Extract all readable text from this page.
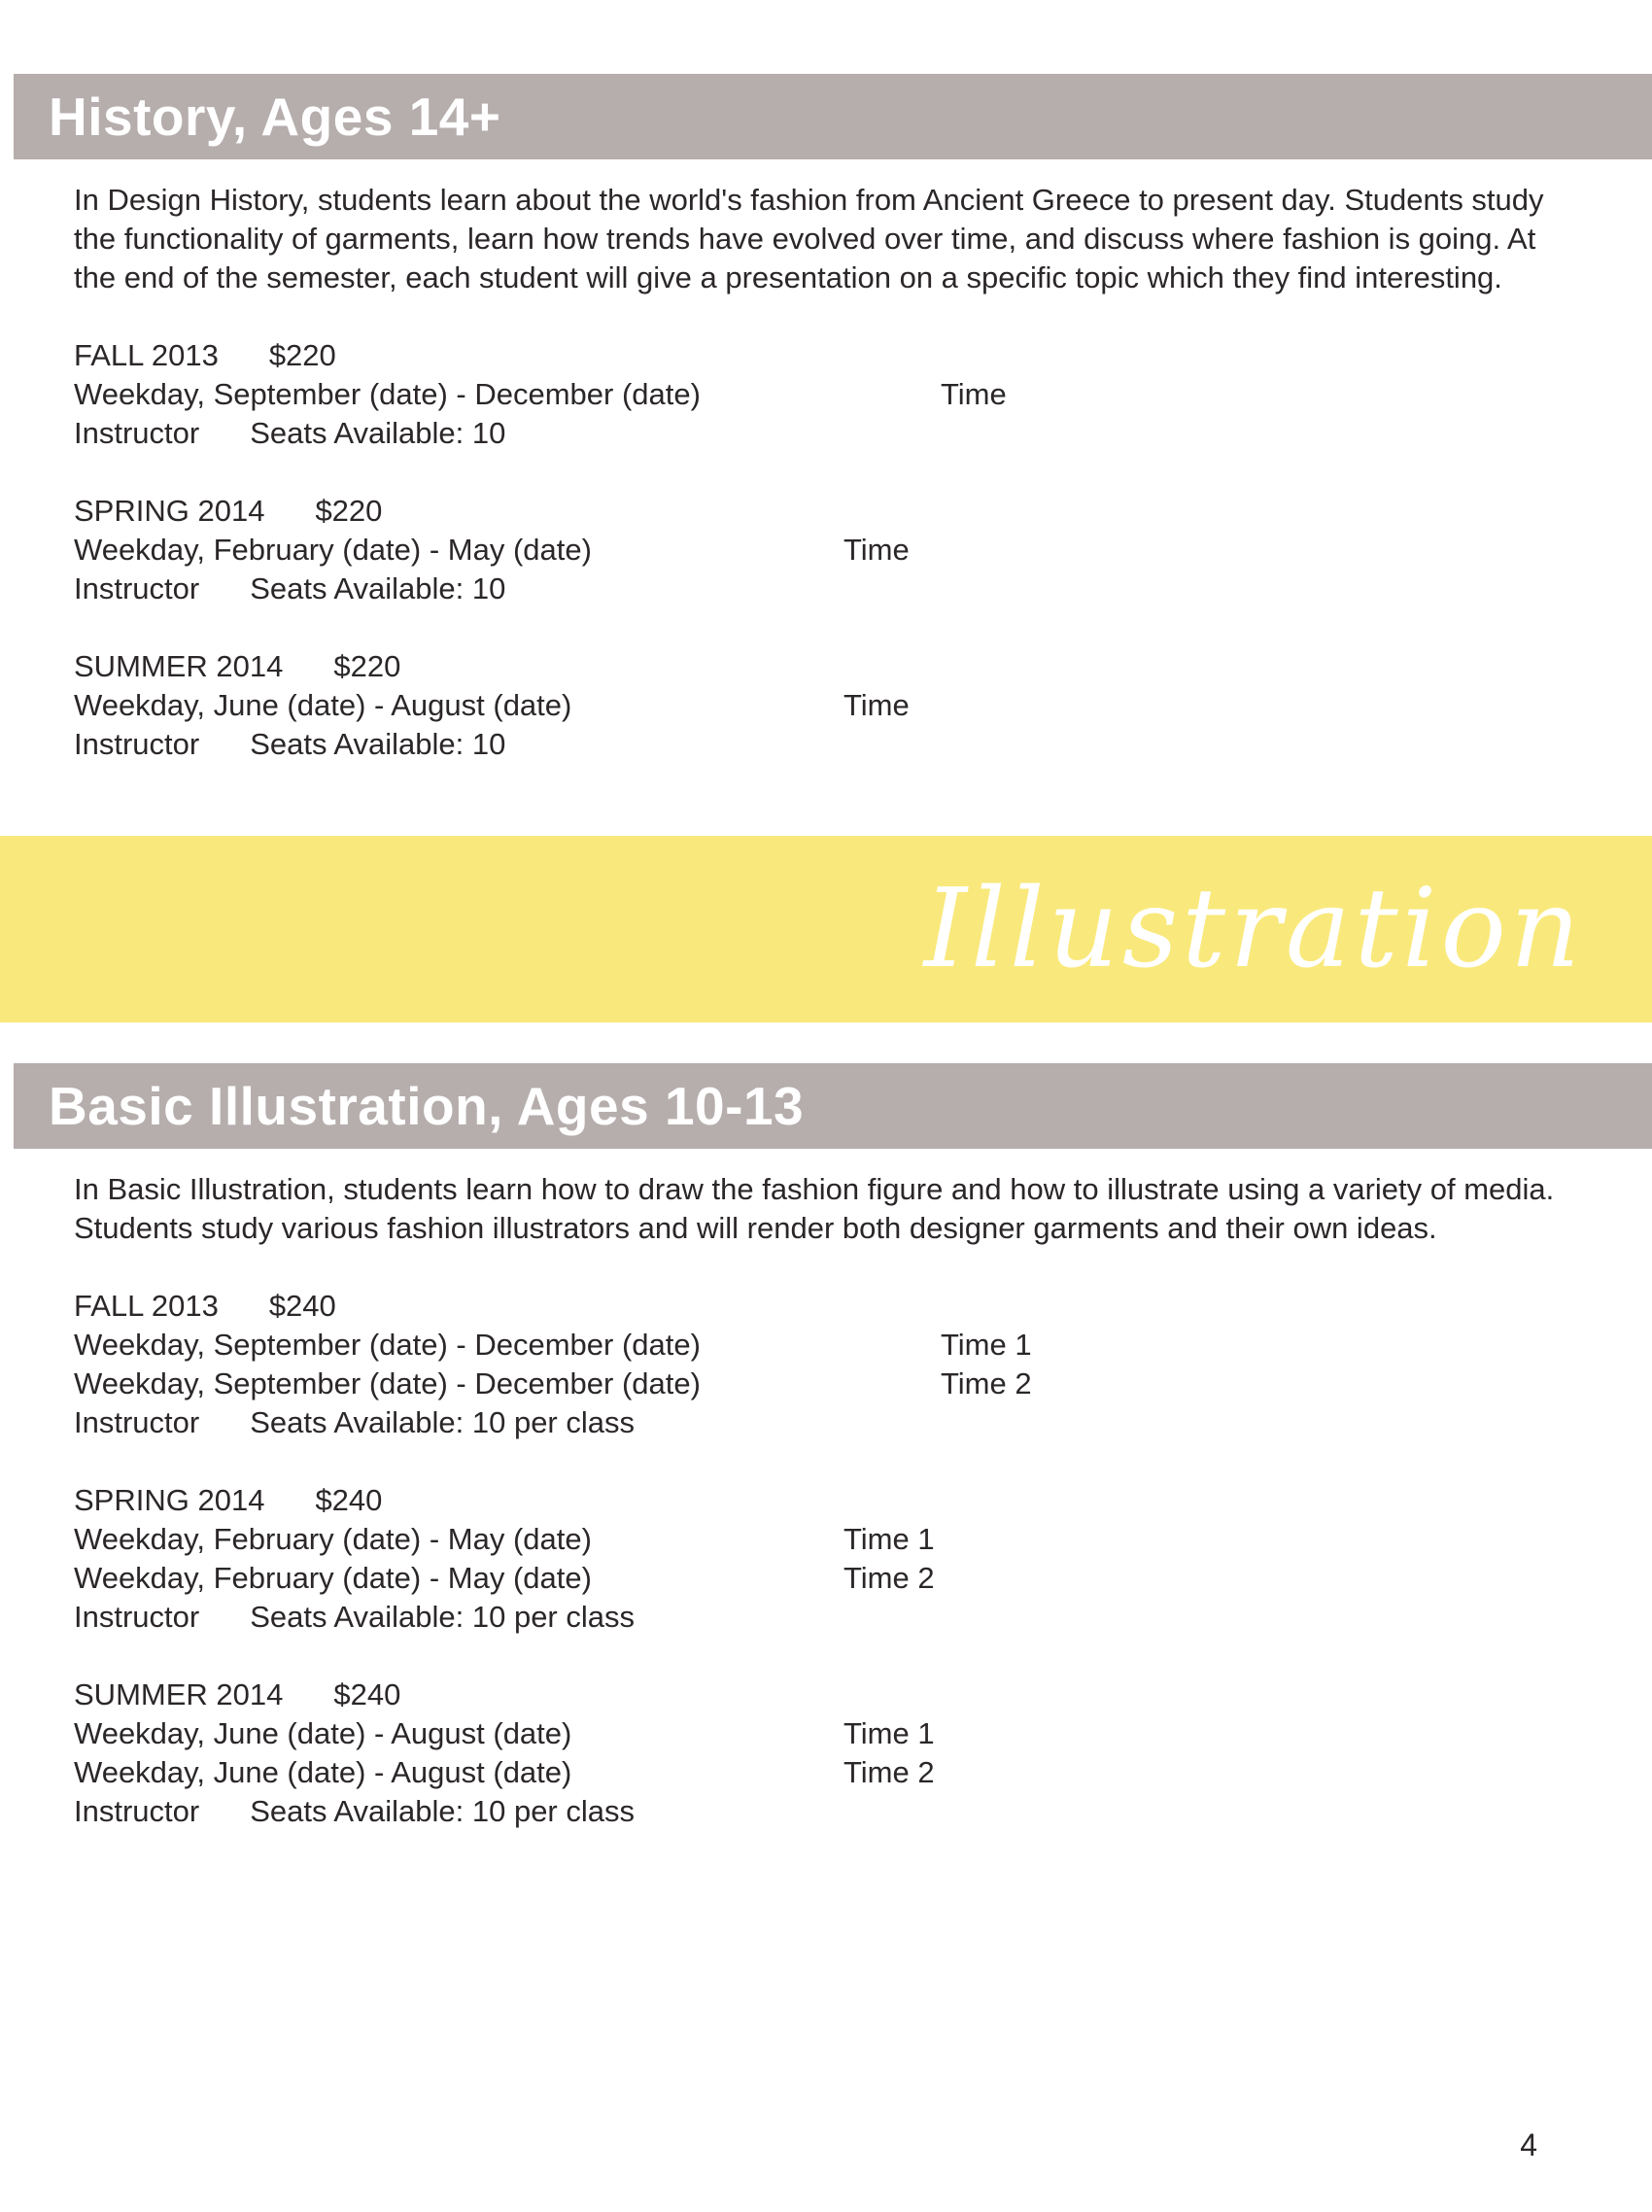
History, Ages 14+

In Design History, students learn about the world's fashion from Ancient Greece to present day. Students study the functionality of garments, learn how trends have evolved over time, and discuss where fashion is going. At the end of the semester, each student will give a presentation on a specific topic which they find interesting.

FALL 2013 $220
Weekday, September (date) - December (date)	Time
Instructor Seats Available: 10
SPRING 2014 $220
Weekday, February (date) - May (date)	Time
Instructor Seats Available: 10
SUMMER 2014 $220
Weekday, June (date) - August (date)	Time
Instructor Seats Available: 10
Illustration
Basic Illustration, Ages 10-13

In Basic Illustration, students learn how to draw the fashion figure and how to illustrate using a variety of media. Students study various fashion illustrators and will render both designer garments and their own ideas.

FALL 2013 $240
Weekday, September (date) - December (date)	Time 1
Weekday, September (date) - December (date)	Time 2
Instructor Seats Available: 10 per class
SPRING 2014 $240
Weekday, February (date) - May (date)	Time 1
Weekday, February (date) - May (date)	Time 2
Instructor Seats Available: 10 per class
SUMMER 2014 $240
Weekday, June (date) - August (date)	Time 1
Weekday, June (date) - August (date)	Time 2
Instructor Seats Available: 10 per class
4
